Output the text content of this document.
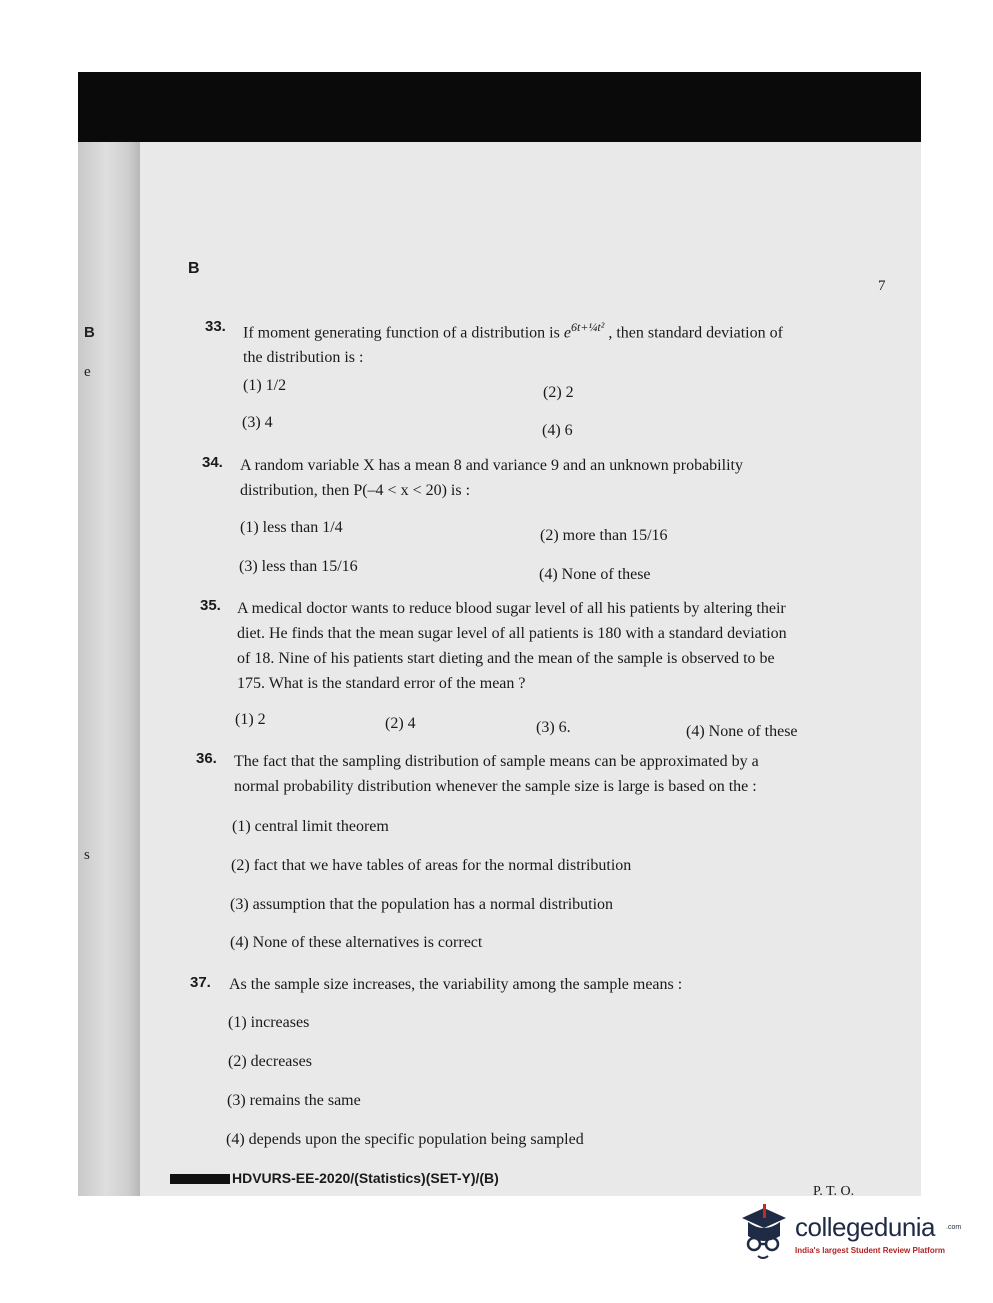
B
e
s
B
7
33. If moment generating function of a distribution is $e^{6t+\frac{1}{4}t^2}$ , then standard deviation of
the distribution is :
(1) 1/2	(2) 2
(3) 4	(4) 6
34. A random variable X has a mean 8 and variance 9 and an unknown probability
distribution, then P(–4 < x < 20) is :
(1) less than 1/4	(2) more than 15/16
(3) less than 15/16	(4) None of these
35. A medical doctor wants to reduce blood sugar level of all his patients by altering their
diet. He finds that the mean sugar level of all patients is 180 with a standard deviation
of 18. Nine of his patients start dieting and the mean of the sample is observed to be
175. What is the standard error of the mean ?
(1) 2	(2) 4	(3) 6.	(4) None of these
36. The fact that the sampling distribution of sample means can be approximated by a
normal probability distribution whenever the sample size is large is based on the :
(1) central limit theorem
(2) fact that we have tables of areas for the normal distribution
(3) assumption that the population has a normal distribution
(4) None of these alternatives is correct
37. As the sample size increases, the variability among the sample means :
(1) increases
(2) decreases
(3) remains the same
(4) depends upon the specific population being sampled
HDVURS-EE-2020/(Statistics)(SET-Y)/(B)
P. T. O.
collegedunia .com
India's largest Student Review Platform
